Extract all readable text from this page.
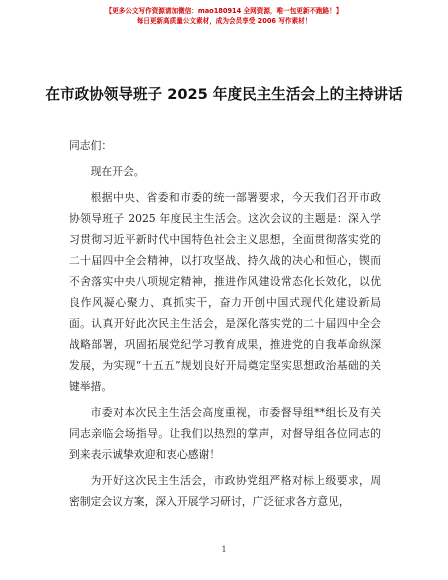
【更多公文写作资源请加微信：mao180914 全网资源，唯一包更新不跑路！】
每日更新高质量公文素材，成为会员享受 2006 写作素材！
在市政协领导班子 2025 年度民主生活会上的主持讲话

同志们：

现在开会。

根据中央、省委和市委的统一部署要求，今天我们召开市政协领导班子 2025 年度民主生活会。这次会议的主题是：深入学习贯彻习近平新时代中国特色社会主义思想，全面贯彻落实党的二十届四中全会精神，以打攻坚战、持久战的决心和恒心，锲而不舍落实中央八项规定精神，推进作风建设常态化长效化，以优良作风凝心聚力、真抓实干，奋力开创中国式现代化建设新局面。认真开好此次民主生活会，是深化落实党的二十届四中全会战略部署，巩固拓展党纪学习教育成果，推进党的自我革命纵深发展，为实现“十五五”规划良好开局奠定坚实思想政治基础的关键举措。

市委对本次民主生活会高度重视，市委督导组**组长及有关同志亲临会场指导。让我们以热烈的掌声，对督导组各位同志的到来表示诚挚欢迎和衷心感谢！

为开好这次民主生活会，市政协党组严格对标上级要求，周密制定会议方案，深入开展学习研讨，广泛征求各方意见，

1
